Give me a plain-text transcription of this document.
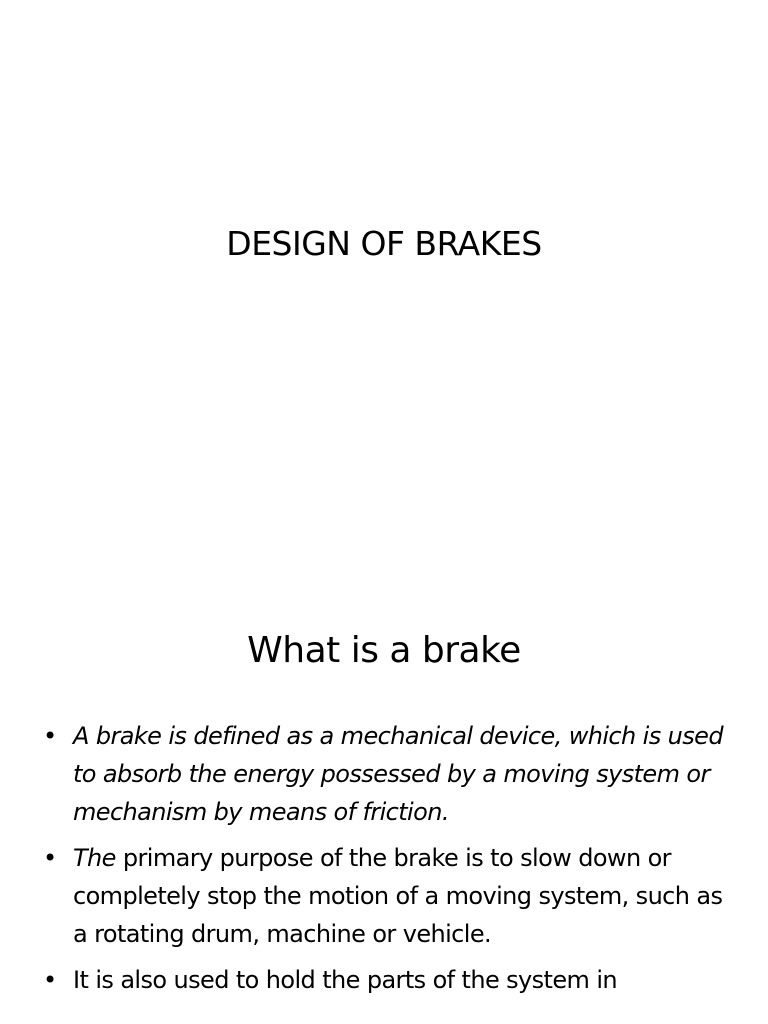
DESIGN OF BRAKES
What is a brake
• A brake is defined as a mechanical device, which is used to absorb the energy possessed by a moving system or mechanism by means of friction.
• The primary purpose of the brake is to slow down or completely stop the motion of a moving system, such as a rotating drum, machine or vehicle.
• It is also used to hold the parts of the system in
